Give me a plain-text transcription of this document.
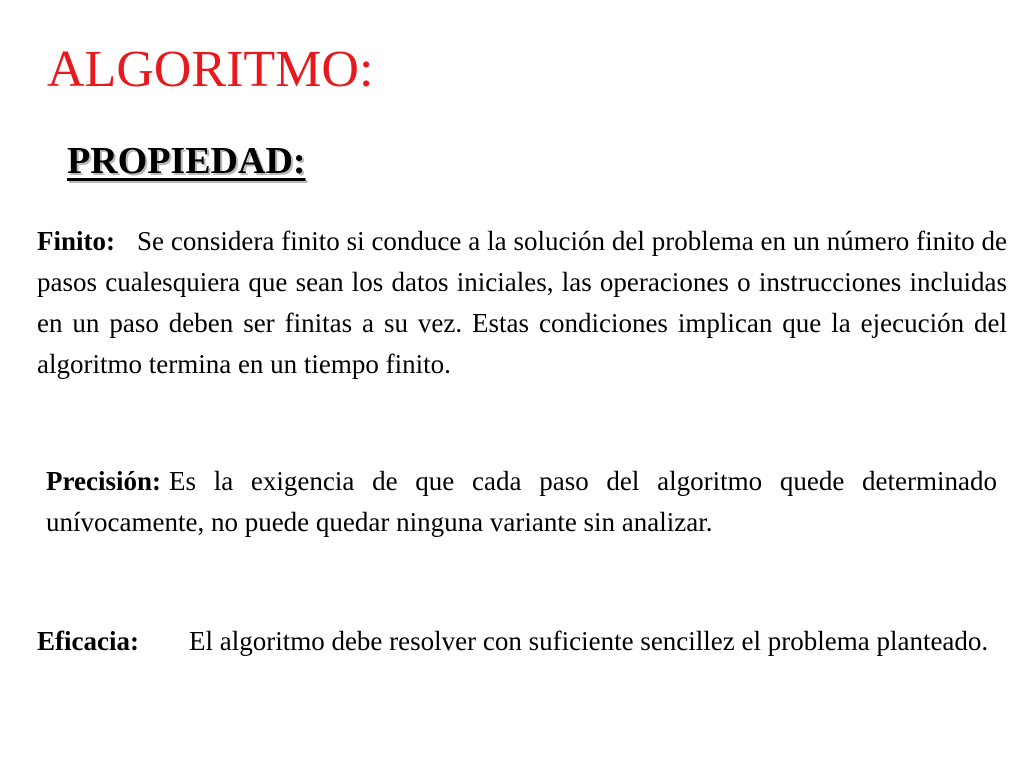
ALGORITMO:
PROPIEDAD:
Finito: Se considera finito si conduce a la solución del problema en un número finito de pasos cualesquiera que sean los datos iniciales, las operaciones o instrucciones incluidas en un paso deben ser finitas a su vez. Estas condiciones implican que la ejecución del algoritmo termina en un tiempo finito.
Precisión: Es la exigencia de que cada paso del algoritmo quede determinado unívocamente, no puede quedar ninguna variante sin analizar.
Eficacia: El algoritmo debe resolver con suficiente sencillez el problema planteado.
